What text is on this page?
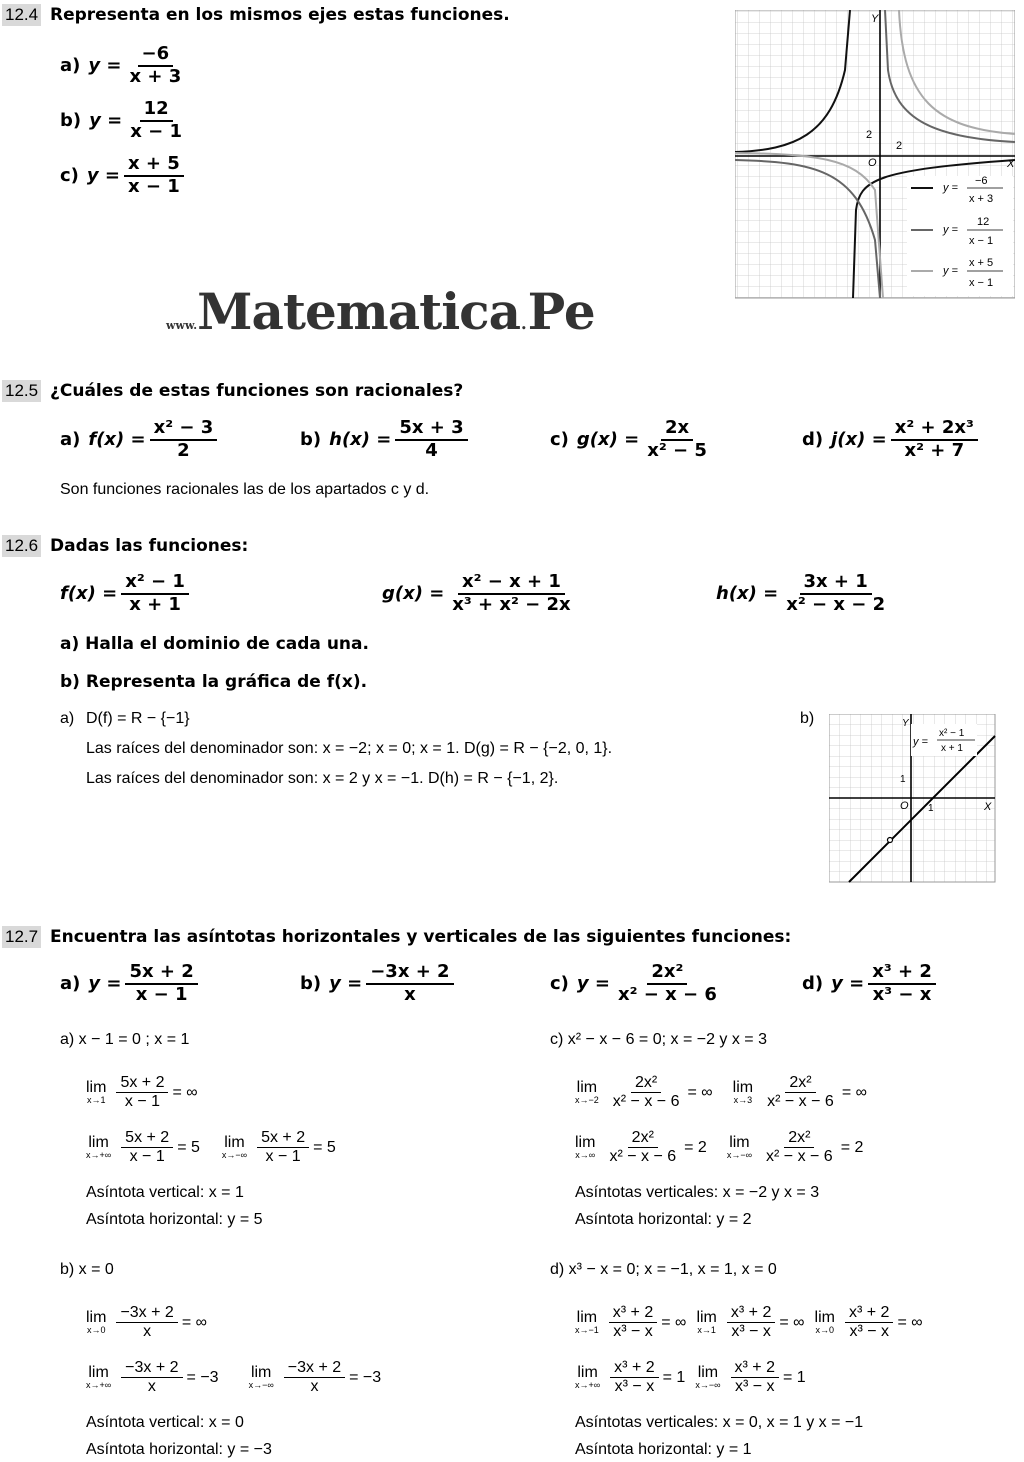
12.4 Representa en los mismos ejes estas funciones.
a) $y = \frac{-6}{x + 3}$
b) $y = \frac{12}{x - 1}$
c) $y = \frac{x + 5}{x - 1}$
Y
X
O
2
2
y =
−6
x + 3
y =
12
x − 1
y =
x + 5
x − 1
www.Matematica.Pe
12.5 ¿Cuáles de estas funciones son racionales?
a) $f(x) = \frac{\text{x² − 3}}{2}$	b) $h(x) = \frac{5x + 3}{4}$	c) $g(x) = \frac{2x}{\text{x² − 5}}$	d) $j(x) = \frac{\text{x² + 2x³}}{\text{x² + 7}}$
Son funciones racionales las de los apartados c y d.
12.6 Dadas las funciones:
$f(x) = \frac{\text{x² − 1}}{x + 1}$	$g(x) = \frac{\text{x² − x + 1}}{\text{x³ + x² − 2x}}$	$h(x) = \frac{3x + 1}{\text{x² − x − 2}}$
a) Halla el dominio de cada una.
b) Representa la gráfica de f(x).
a) D(f) = R − {−1}
Las raíces del denominador son: x = −2; x = 0; x = 1. D(g) = R − {−2, 0, 1}.
Las raíces del denominador son: x = 2 y x = −1. D(h) = R − {−1, 2}.
b)	Y
X
O
1
1
y =
x² − 1
x + 1
12.7 Encuentra las asíntotas horizontales y verticales de las siguientes funciones:
a) $y = \frac{5x + 2}{x - 1}$	b) $y = \frac{-3x + 2}{x}$	c) $y = \frac{\text{2x²}}{\text{x² − x − 6}}$	d) $y = \frac{\text{x³ + 2}}{\text{x³ − x}}$
a) x − 1 = 0 ; x = 1
lim
$x\to 1 \frac{5x + 2}{x - 1}$ = ∞
lim
$x\to+\infty \frac{5x + 2}{x - 1} = 5$ lim
$x\to-\infty \frac{5x + 2}{x - 1} = 5$
Asíntota vertical: x = 1
Asíntota horizontal: y = 5
b) x = 0
lim
$x\to 0 \frac{-3x + 2}{x}$ = ∞
lim
$x\to+\infty \frac{-3x + 2}{x} = -3$ lim
$x\to-\infty \frac{-3x + 2}{x} = -3$
Asíntota vertical: x = 0
Asíntota horizontal: y = −3
c) x² − x − 6 = 0; x = −2 y x = 3
lim
$x\to-2 \frac{\text{2x²}}{\text{x² − x − 6}}$ = ∞ lim
$x\to 3 \frac{\text{2x²}}{\text{x² − x − 6}}$ = ∞
lim
$x\to\infty \frac{\text{2x²}}{\text{x² − x − 6}} = 2$ lim
$x\to-\infty \frac{\text{2x²}}{\text{x² − x − 6}} = 2$
Asíntotas verticales: x = −2 y x = 3
Asíntota horizontal: y = 2
d) x³ − x = 0; x = −1, x = 1, x = 0
lim
$x\to-1 \frac{\text{x³ + 2}}{\text{x³ − x}}$ = ∞ lim
$x\to 1 \frac{\text{x³ + 2}}{\text{x³ − x}}$ = ∞ lim
$x\to 0 \frac{\text{x³ + 2}}{\text{x³ − x}}$ = ∞
lim
$x\to+\infty \frac{\text{x³ + 2}}{\text{x³ − x}} = 1$ lim
$x\to-\infty \frac{\text{x³ + 2}}{\text{x³ − x}} = 1$
Asíntotas verticales: x = 0, x = 1 y x = −1
Asíntota horizontal: y = 1
